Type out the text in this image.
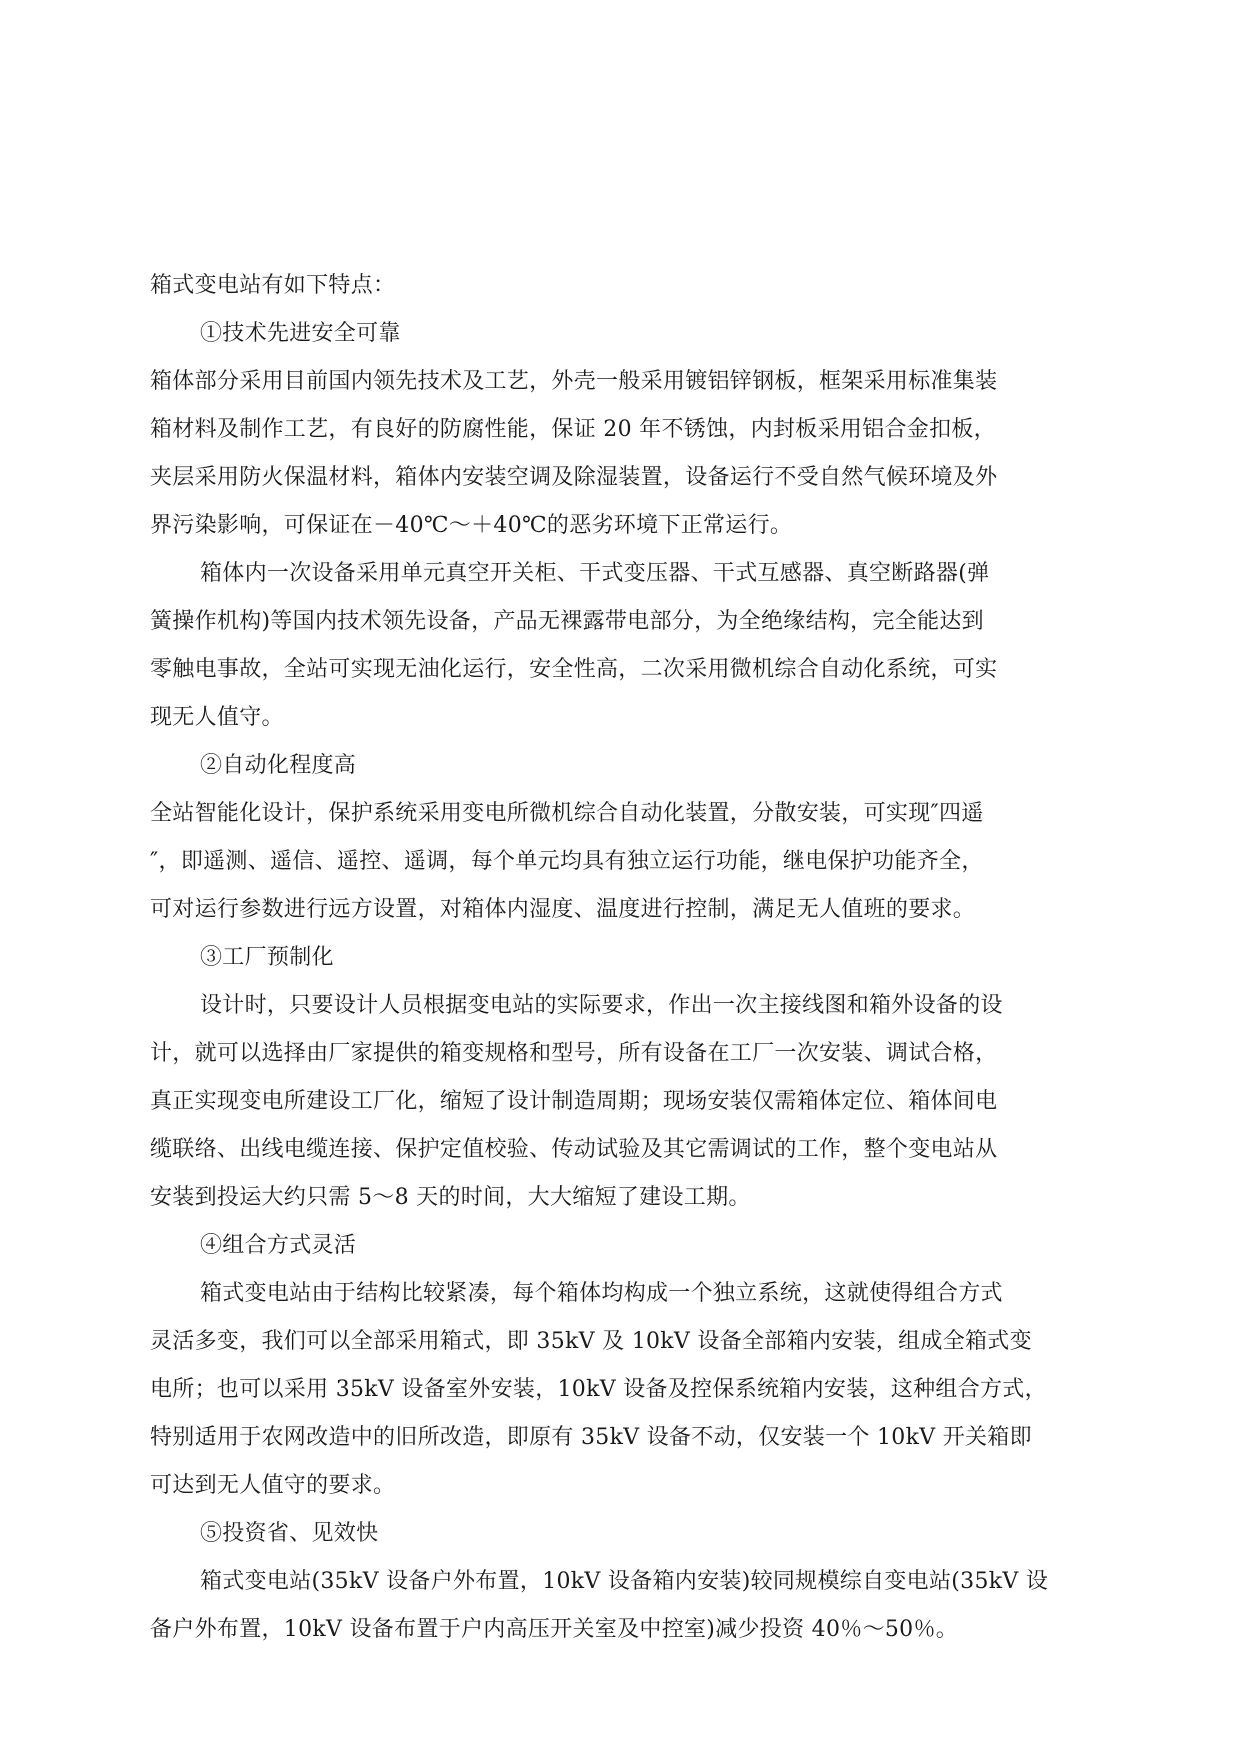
箱式变电站有如下特点：
①技术先进安全可靠
箱体部分采用目前国内领先技术及工艺，外壳一般采用镀铝锌钢板，框架采用标准集装
箱材料及制作工艺，有良好的防腐性能，保证 20 年不锈蚀，内封板采用铝合金扣板，
夹层采用防火保温材料，箱体内安装空调及除湿装置，设备运行不受自然气候环境及外
界污染影响，可保证在－40℃～＋40℃的恶劣环境下正常运行。
箱体内一次设备采用单元真空开关柜、干式变压器、干式互感器、真空断路器(弹
簧操作机构)等国内技术领先设备，产品无裸露带电部分，为全绝缘结构，完全能达到
零触电事故，全站可实现无油化运行，安全性高，二次采用微机综合自动化系统，可实
现无人值守。
②自动化程度高
全站智能化设计，保护系统采用变电所微机综合自动化装置，分散安装，可实现″四遥
″，即遥测、遥信、遥控、遥调，每个单元均具有独立运行功能，继电保护功能齐全，
可对运行参数进行远方设置，对箱体内湿度、温度进行控制，满足无人值班的要求。
③工厂预制化
设计时，只要设计人员根据变电站的实际要求，作出一次主接线图和箱外设备的设
计，就可以选择由厂家提供的箱变规格和型号，所有设备在工厂一次安装、调试合格，
真正实现变电所建设工厂化，缩短了设计制造周期；现场安装仅需箱体定位、箱体间电
缆联络、出线电缆连接、保护定值校验、传动试验及其它需调试的工作，整个变电站从
安装到投运大约只需 5～8 天的时间，大大缩短了建设工期。
④组合方式灵活
箱式变电站由于结构比较紧凑，每个箱体均构成一个独立系统，这就使得组合方式
灵活多变，我们可以全部采用箱式，即 35kV 及 10kV 设备全部箱内安装，组成全箱式变
电所；也可以采用 35kV 设备室外安装，10kV 设备及控保系统箱内安装，这种组合方式，
特别适用于农网改造中的旧所改造，即原有 35kV 设备不动，仅安装一个 10kV 开关箱即
可达到无人值守的要求。
⑤投资省、见效快
箱式变电站(35kV 设备户外布置，10kV 设备箱内安装)较同规模综自变电站(35kV 设
备户外布置，10kV 设备布置于户内高压开关室及中控室)减少投资 40％～50％。
